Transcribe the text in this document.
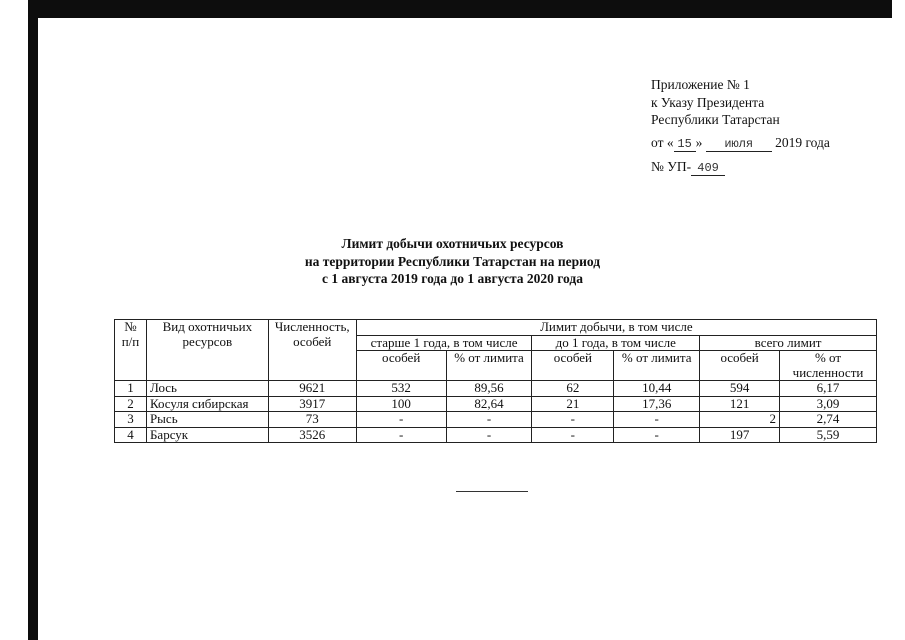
Приложение № 1
к Указу Президента
Республики Татарстан
от « 15 » июля 2019 года
№ УП- 409
Лимит добычи охотничьих ресурсов
на территории Республики Татарстан на период
с 1 августа 2019 года до 1 августа 2020 года
№ п/п	Вид охотничьих ресурсов	Численность, особей	Лимит добычи, в том числе					
			старше 1 года, в том числе		до 1 года, в том числе		всего лимит	
			особей	% от лимита	особей	% от лимита	особей	% от численности
1	Лось	9621	532	89,56	62	10,44	594	6,17
2	Косуля сибирская	3917	100	82,64	21	17,36	121	3,09
3	Рысь	73	-	-	-	-	2	2,74
4	Барсук	3526	-	-	-	-	197	5,59
